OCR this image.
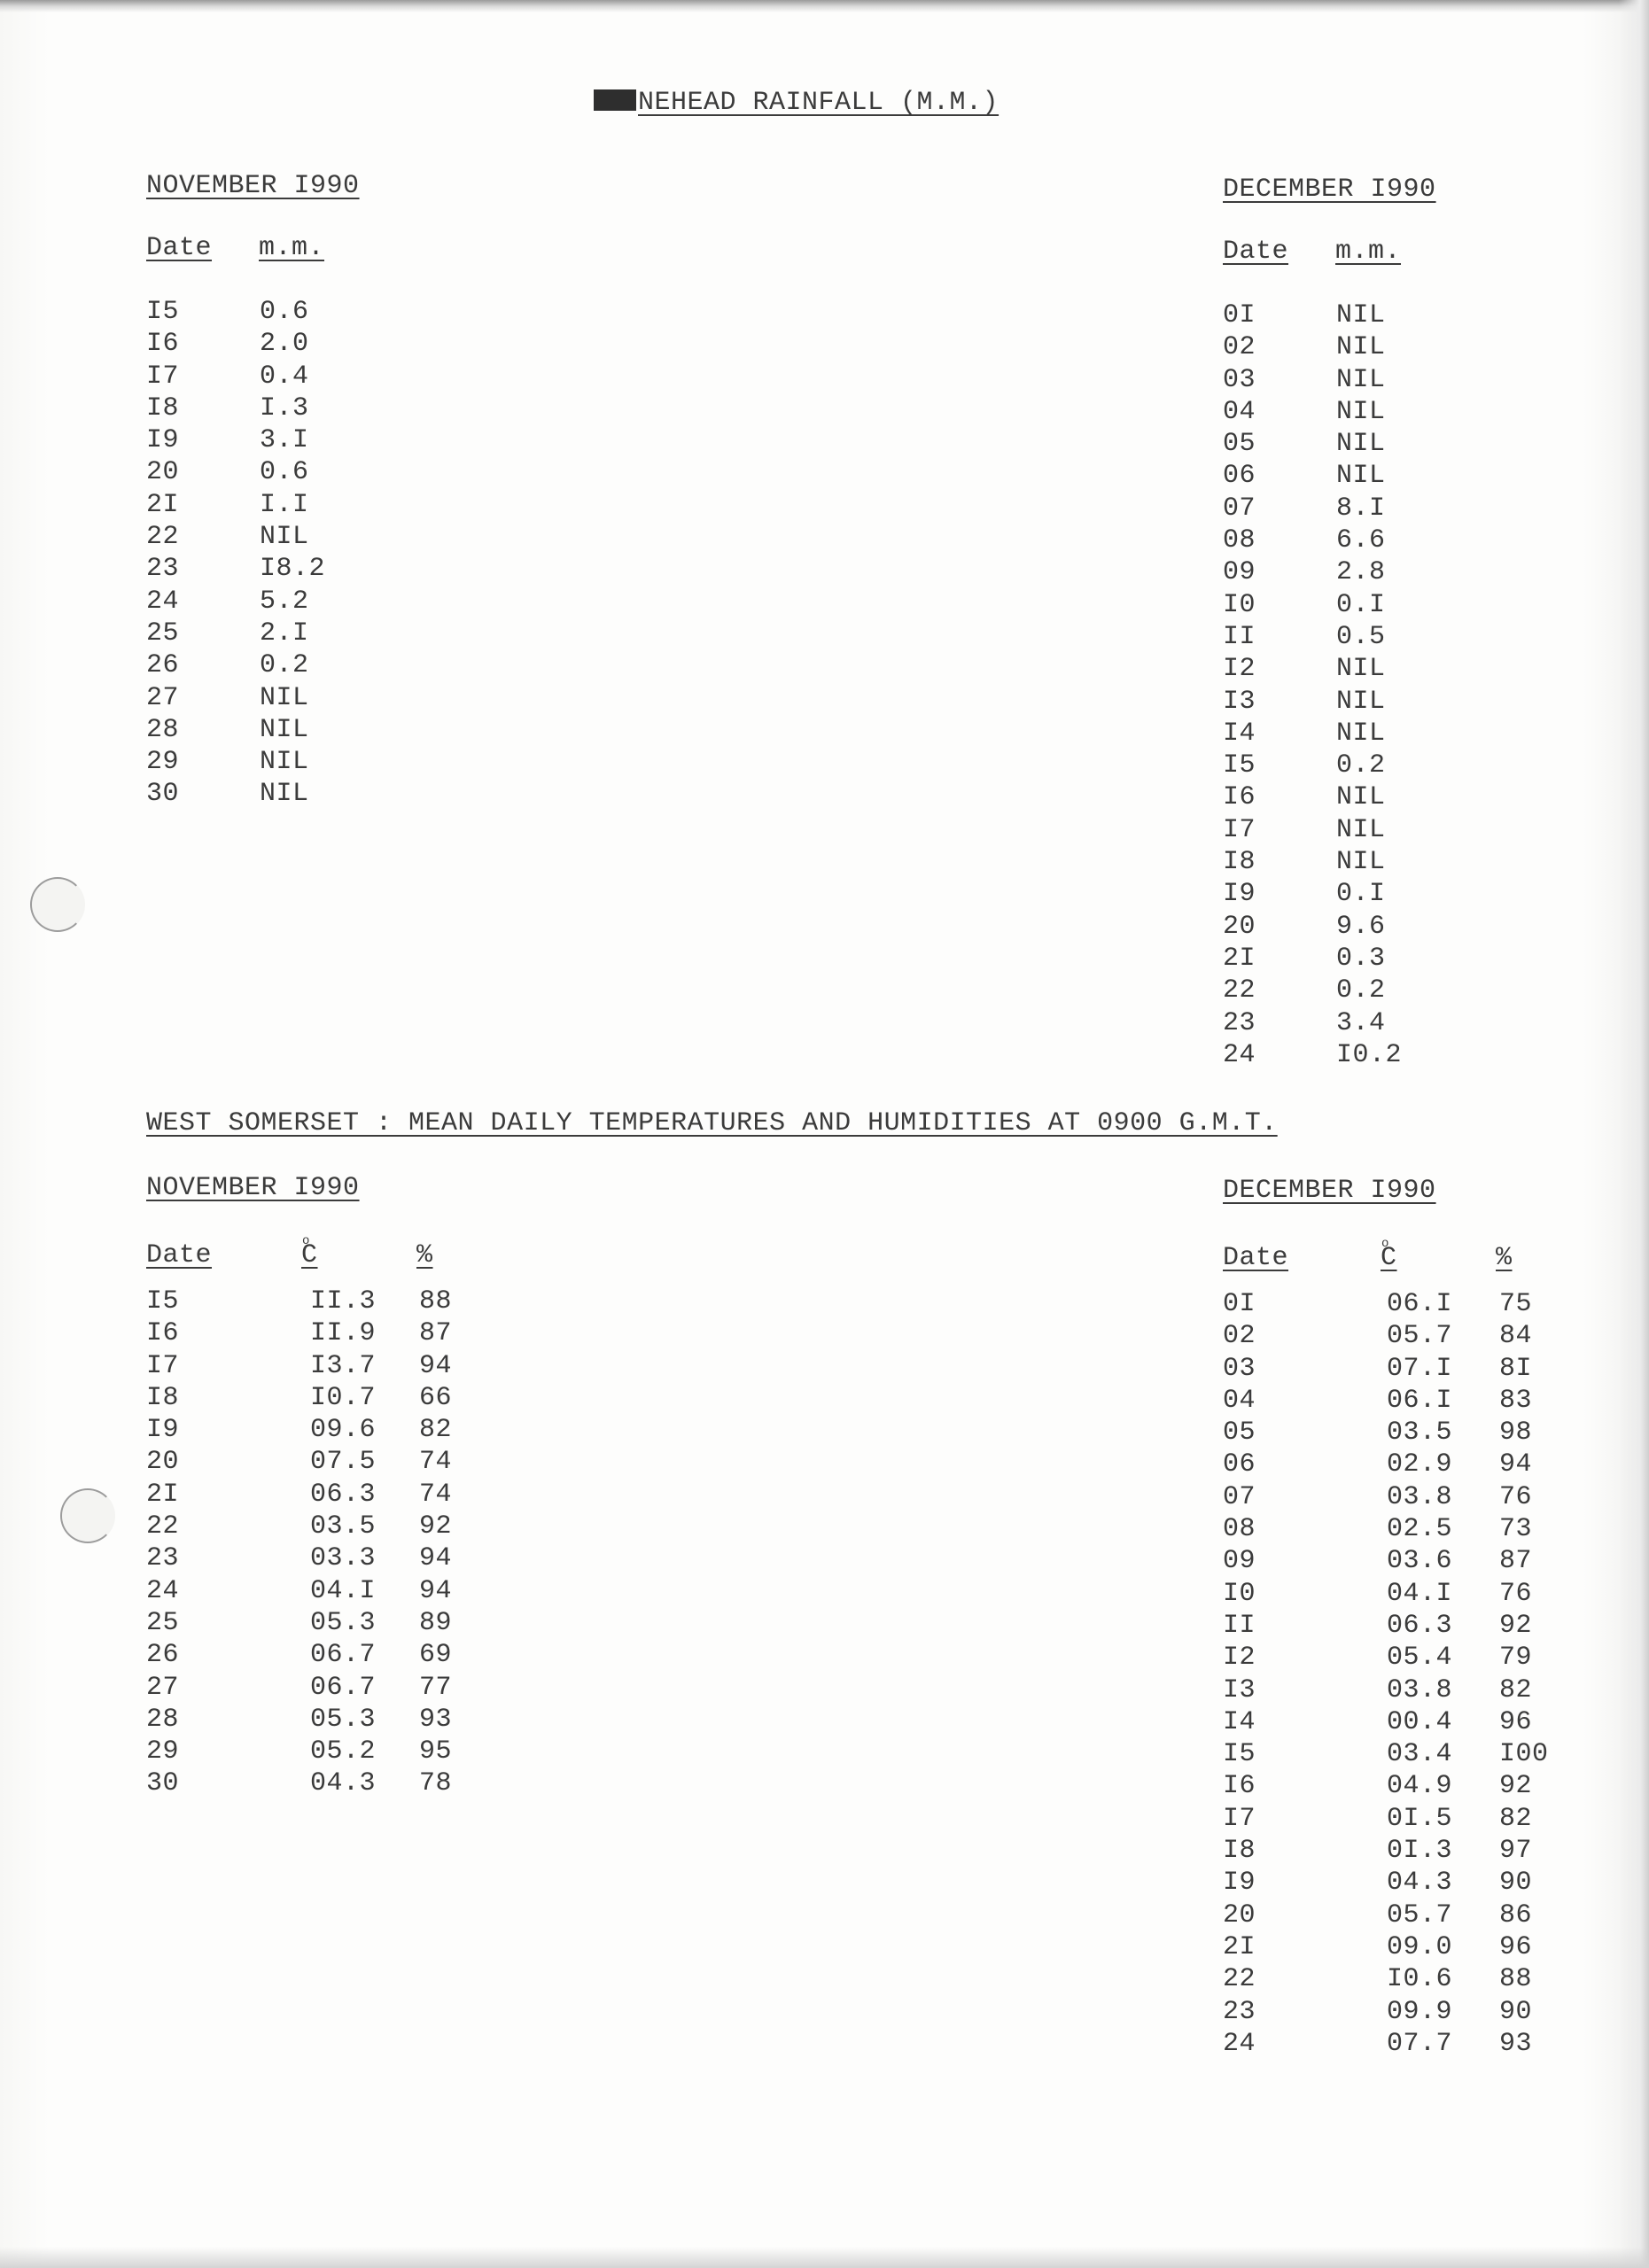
NEHEAD RAINFALL (M.M.)
NOVEMBER I990
Date m.m.
I5	0.6
I6	2.0
I7	0.4
I8	I.3
I9	3.I
20	0.6
2I	I.I
22	NIL
23	I8.2
24	5.2
25	2.I
26	0.2
27	NIL
28	NIL
29	NIL
30	NIL
DECEMBER I990
Date m.m.
0I	NIL
02	NIL
03	NIL
04	NIL
05	NIL
06	NIL
07	8.I
08	6.6
09	2.8
I0	0.I
II	0.5
I2	NIL
I3	NIL
I4	NIL
I5	0.2
I6	NIL
I7	NIL
I8	NIL
I9	0.I
20	9.6
2I	0.3
22	0.2
23	3.4
24	I0.2
WEST SOMERSET : MEAN DAILY TEMPERATURES AND HUMIDITIES AT 0900 G.M.T.
NOVEMBER I990
Date	o C	%
I5	II.3 88
I6	II.9 87
I7	I3.7 94
I8	I0.7 66
I9	09.6 82
20	07.5 74
2I	06.3 74
22	03.5 92
23	03.3 94
24	04.I 94
25	05.3 89
26	06.7 69
27	06.7 77
28	05.3 93
29	05.2 95
30	04.3 78
DECEMBER I990
Date	o C	%
0I	06.I 75
02	05.7 84
03	07.I 8I
04	06.I 83
05	03.5 98
06	02.9 94
07	03.8 76
08	02.5 73
09	03.6 87
I0	04.I 76
II	06.3 92
I2	05.4 79
I3	03.8 82
I4	00.4 96
I5	03.4 I00
I6	04.9 92
I7	0I.5 82
I8	0I.3 97
I9	04.3 90
20	05.7 86
2I	09.0 96
22	I0.6 88
23	09.9 90
24	07.7 93
